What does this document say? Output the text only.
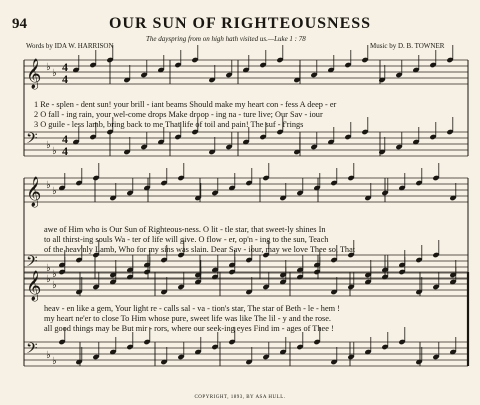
94	OUR SUN OF RIGHTEOUSNESS
The dayspring from on high hath visited us.—Luke 1 : 78
Words by IDA W. HARRISON	Music by D. B. TOWNER
𝄞 ♭
♭ 4
4
𝄢 ♭
♭
4
4
𝄞 ♭
♭
𝄢 ♭
♭
𝄞 ♭
♭
𝄢 ♭
♭
1 Re - splen - dent sun! your brill - iant beams Should make my heart con - fess A deep - er
2 O fall - ing rain, your wel-come drops Make droop - ing na - ture live; Our Sav - iour
3 O guile - less lamb, bring back to me That life of toil and pain! The suf - f'rings
awe of Him who is Our Sun of Righteous-ness. O lit - tle star, that sweet-ly shines In
to all thirst-ing souls Wa - ter of life will give. O flow - er, op'n - ing to the sun, Teach
of the heav'nly Lamb, Who for my sins was slain. Dear Sav - iour, may we love Thee so, That
heav - en like a gem, Your light re - calls sal - va - tion's star, The star of Beth - le - hem !
my heart ne'er to close To Him whose pure, sweet life was like The lil - y and the rose.
all good things may be But mir - rors, where our seek-ing eyes Find im - ages of Thee !
COPYRIGHT, 1893, BY ASA HULL.
